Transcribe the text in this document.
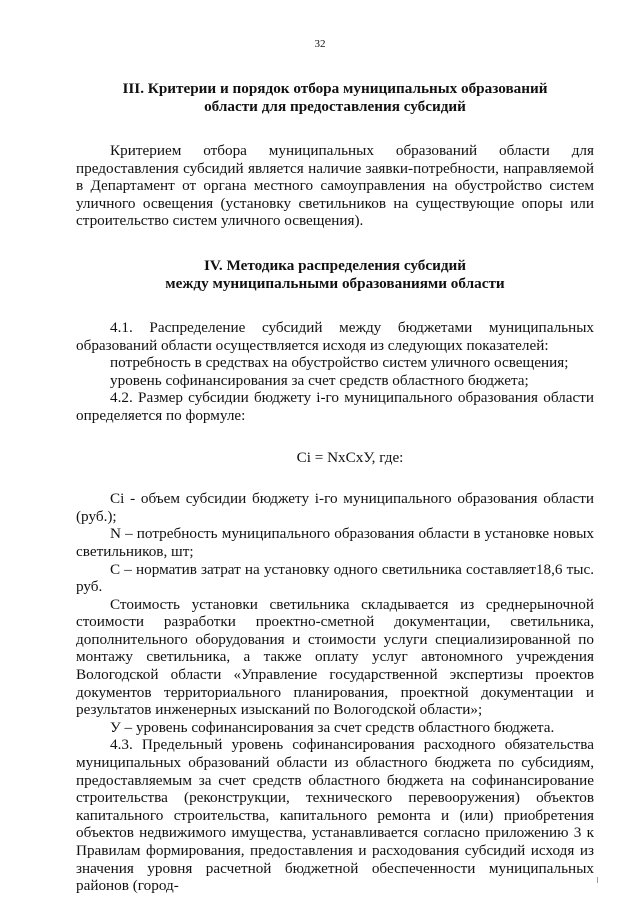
32
III. Критерии и порядок отбора муниципальных образований
области для предоставления субсидий

Критерием отбора муниципальных образований области для предоставления субсидий является наличие заявки-потребности, направляемой в Департамент от органа местного самоуправления на обустройство систем уличного освещения (установку светильников на существующие опоры или строительство систем уличного освещения).

IV. Методика распределения субсидий
между муниципальными образованиями области

4.1. Распределение субсидий между бюджетами муниципальных образований области осуществляется исходя из следующих показателей:

потребность в средствах на обустройство систем уличного освещения;

уровень софинансирования за счет средств областного бюджета;

4.2. Размер субсидии бюджету i-го муниципального образования области определяется по формуле:

Ci = NxCxУ, где:

Ci - объем субсидии бюджету i-го муниципального образования области (руб.);

N – потребность муниципального образования области в установке новых светильников, шт;

С – норматив затрат на установку одного светильника составляет18,6 тыс. руб.

Стоимость установки светильника складывается из среднерыночной стоимости разработки проектно-сметной документации, светильника, дополнительного оборудования и стоимости услуги специализированной по монтажу светильника, а также оплату услуг автономного учреждения Вологодской области «Управление государственной экспертизы проектов документов территориального планирования, проектной документации и результатов инженерных изысканий по Вологодской области»;

У – уровень софинансирования за счет средств областного бюджета.

4.3. Предельный уровень софинансирования расходного обязательства муниципальных образований области из областного бюджета по субсидиям, предоставляемым за счет средств областного бюджета на софинансирование строительства (реконструкции, технического перевооружения) объектов капитального строительства, капитального ремонта и (или) приобретения объектов недвижимого имущества, устанавливается согласно приложению 3 к Правилам формирования, предоставления и расходования субсидий исходя из значения уровня расчетной бюджетной обеспеченности муниципальных районов (город-
